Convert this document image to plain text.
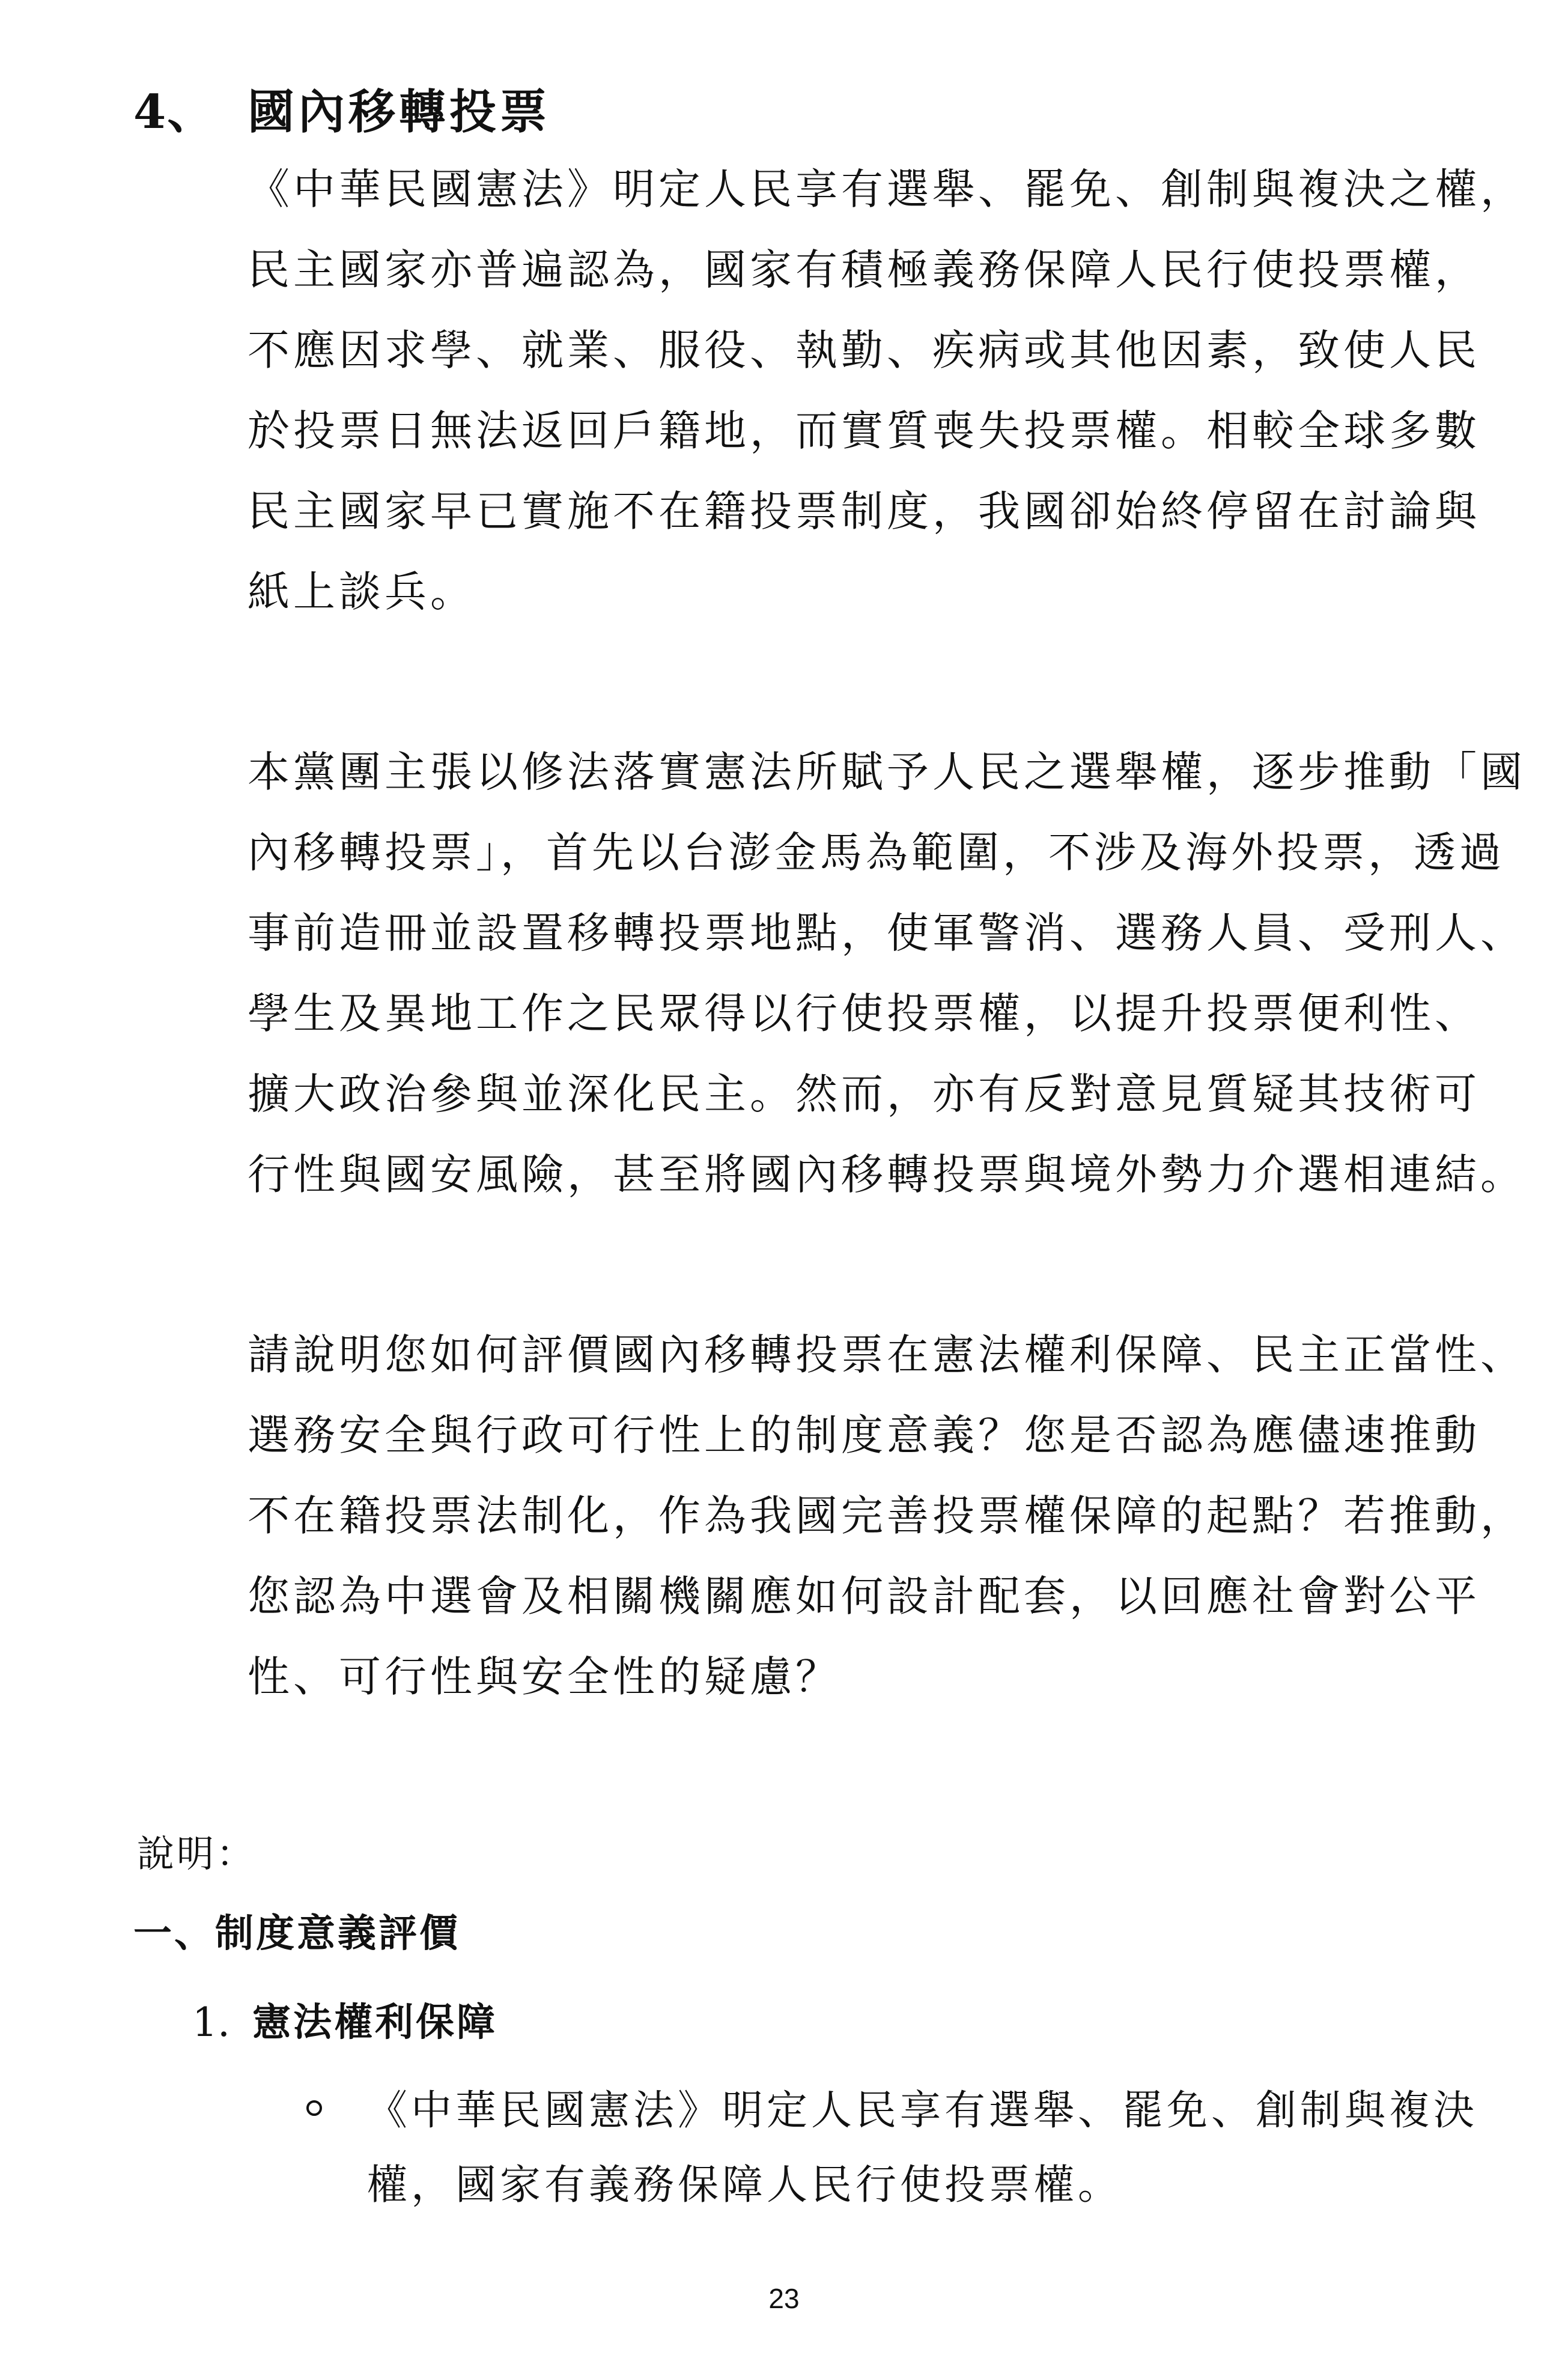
4、 國內移轉投票
《中華民國憲法》明定人民享有選舉、罷免、創制與複決之權，
民主國家亦普遍認為，國家有積極義務保障人民行使投票權，
不應因求學、就業、服役、執勤、疾病或其他因素，致使人民
於投票日無法返回戶籍地，而實質喪失投票權。相較全球多數
民主國家早已實施不在籍投票制度，我國卻始終停留在討論與
紙上談兵。
本黨團主張以修法落實憲法所賦予人民之選舉權，逐步推動「國
內移轉投票」，首先以台澎金馬為範圍，不涉及海外投票，透過
事前造冊並設置移轉投票地點，使軍警消、選務人員、受刑人、
學生及異地工作之民眾得以行使投票權，以提升投票便利性、
擴大政治參與並深化民主。然而，亦有反對意見質疑其技術可
行性與國安風險，甚至將國內移轉投票與境外勢力介選相連結。
請說明您如何評價國內移轉投票在憲法權利保障、民主正當性、
選務安全與行政可行性上的制度意義？您是否認為應儘速推動
不在籍投票法制化，作為我國完善投票權保障的起點？若推動，
您認為中選會及相關機關應如何設計配套，以回應社會對公平
性、可行性與安全性的疑慮？
說明：
一、制度意義評價
1. 憲法權利保障
《中華民國憲法》明定人民享有選舉、罷免、創制與複決
權，國家有義務保障人民行使投票權。
23
